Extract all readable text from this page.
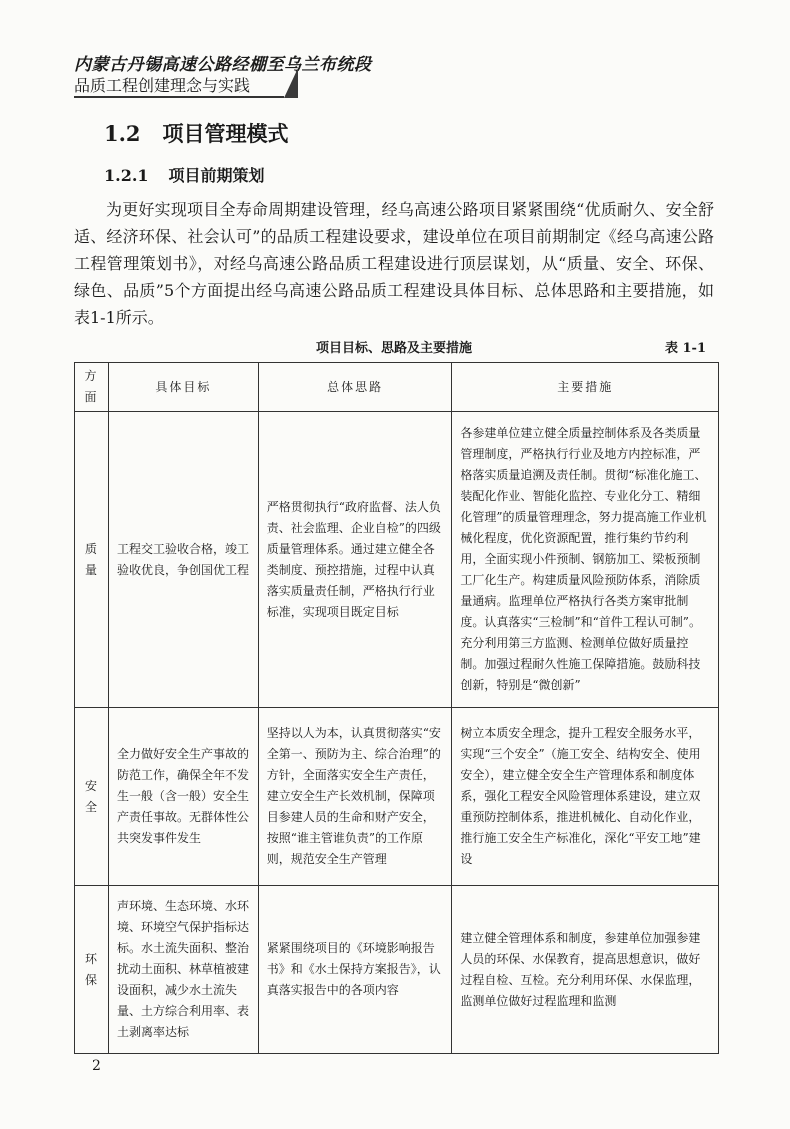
内蒙古丹锡高速公路经棚至乌兰布统段
品质工程创建理念与实践
1.2 项目管理模式
1.2.1 项目前期策划
为更好实现项目全寿命周期建设管理，经乌高速公路项目紧紧围绕“优质耐久、安全舒适、经济环保、社会认可”的品质工程建设要求，建设单位在项目前期制定《经乌高速公路工程管理策划书》，对经乌高速公路品质工程建设进行顶层谋划，从“质量、安全、环保、绿色、品质”5个方面提出经乌高速公路品质工程建设具体目标、总体思路和主要措施，如表1-1所示。
项目目标、思路及主要措施	表 1-1
方面	具体目标	总体思路	主要措施
质量	工程交工验收合格，竣工验收优良，争创国优工程	严格贯彻执行“政府监督、法人负责、社会监理、企业自检”的四级质量管理体系。通过建立健全各类制度、预控措施，过程中认真落实质量责任制，严格执行行业标准，实现项目既定目标	各参建单位建立健全质量控制体系及各类质量管理制度，严格执行行业及地方内控标准，严格落实质量追溯及责任制。贯彻“标准化施工、装配化作业、智能化监控、专业化分工、精细化管理”的质量管理理念，努力提高施工作业机械化程度，优化资源配置，推行集约节约利用，全面实现小件预制、钢筋加工、梁板预制工厂化生产。构建质量风险预防体系，消除质量通病。监理单位严格执行各类方案审批制度。认真落实“三检制”和“首件工程认可制”。充分利用第三方监测、检测单位做好质量控制。加强过程耐久性施工保障措施。鼓励科技创新，特别是“微创新”
安全	全力做好安全生产事故的防范工作，确保全年不发生一般（含一般）安全生产责任事故。无群体性公共突发事件发生	坚持以人为本，认真贯彻落实“安全第一、预防为主、综合治理”的方针，全面落实安全生产责任，建立安全生产长效机制，保障项目参建人员的生命和财产安全，按照“谁主管谁负责”的工作原则，规范安全生产管理	树立本质安全理念，提升工程安全服务水平，实现“三个安全”（施工安全、结构安全、使用安全），建立健全安全生产管理体系和制度体系，强化工程安全风险管理体系建设，建立双重预防控制体系，推进机械化、自动化作业，推行施工安全生产标准化，深化“平安工地”建设
环保	声环境、生态环境、水环境、环境空气保护指标达标。水土流失面积、整治扰动土面积、林草植被建设面积，减少水土流失量、土方综合利用率、表土剥离率达标	紧紧围绕项目的《环境影响报告书》和《水土保持方案报告》，认真落实报告中的各项内容	建立健全管理体系和制度，参建单位加强参建人员的环保、水保教育，提高思想意识，做好过程自检、互检。充分利用环保、水保监理，监测单位做好过程监理和监测
2
